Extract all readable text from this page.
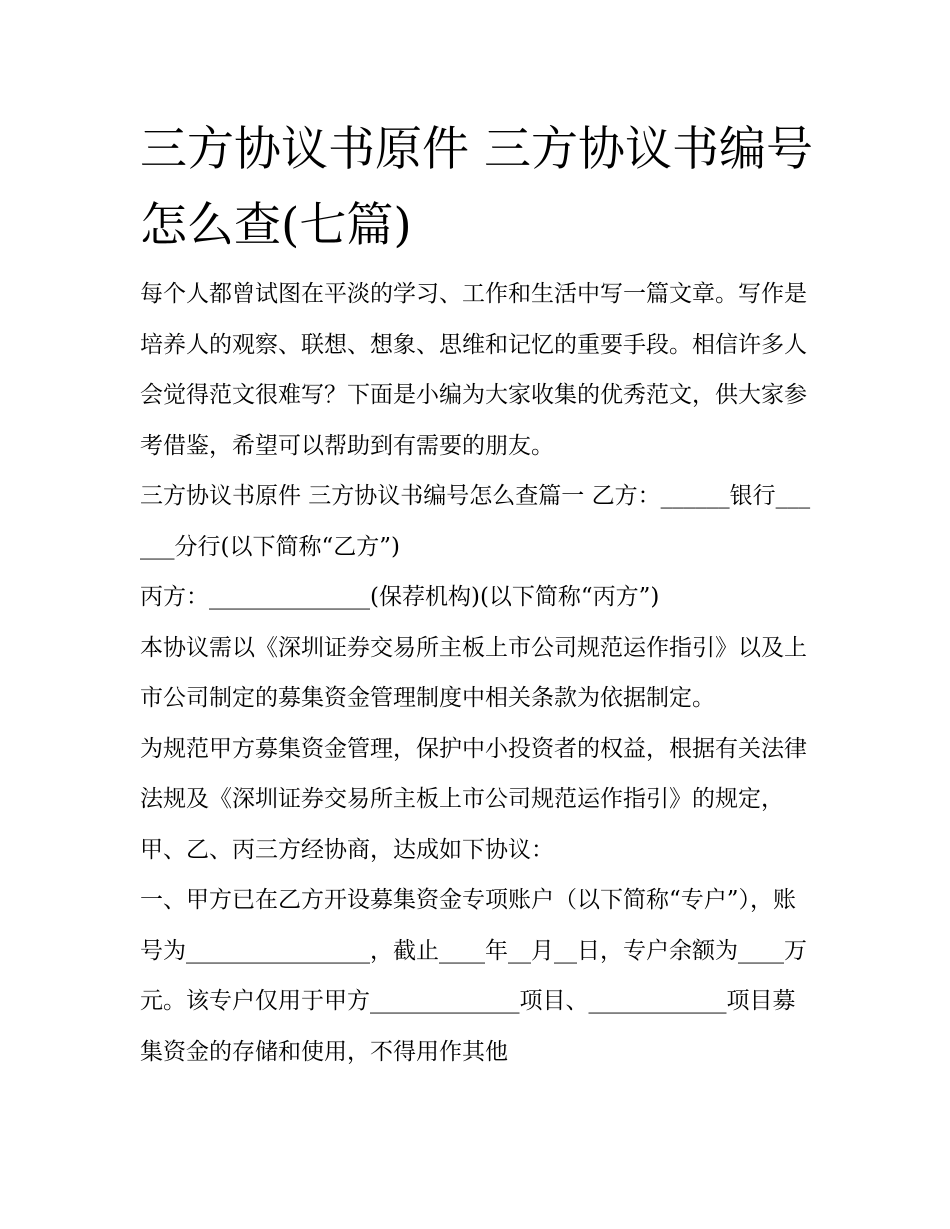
三方协议书原件 三方协议书编号怎么查(七篇)

每个人都曾试图在平淡的学习、工作和生活中写一篇文章。写作是培养人的观察、联想、想象、思维和记忆的重要手段。相信许多人会觉得范文很难写？下面是小编为大家收集的优秀范文，供大家参考借鉴，希望可以帮助到有需要的朋友。

三方协议书原件 三方协议书编号怎么查篇一 乙方：______银行______分行(以下简称“乙方”)

丙方：______________(保荐机构)(以下简称“丙方”)

本协议需以《深圳证券交易所主板上市公司规范运作指引》以及上市公司制定的募集资金管理制度中相关条款为依据制定。

为规范甲方募集资金管理，保护中小投资者的权益，根据有关法律法规及《深圳证券交易所主板上市公司规范运作指引》的规定，甲、乙、丙三方经协商，达成如下协议：

一、甲方已在乙方开设募集资金专项账户（以下简称“专户”），账号为________________，截止____年__月__日，专户余额为____万元。该专户仅用于甲方_____________项目、____________项目募集资金的存储和使用，不得用作其他
